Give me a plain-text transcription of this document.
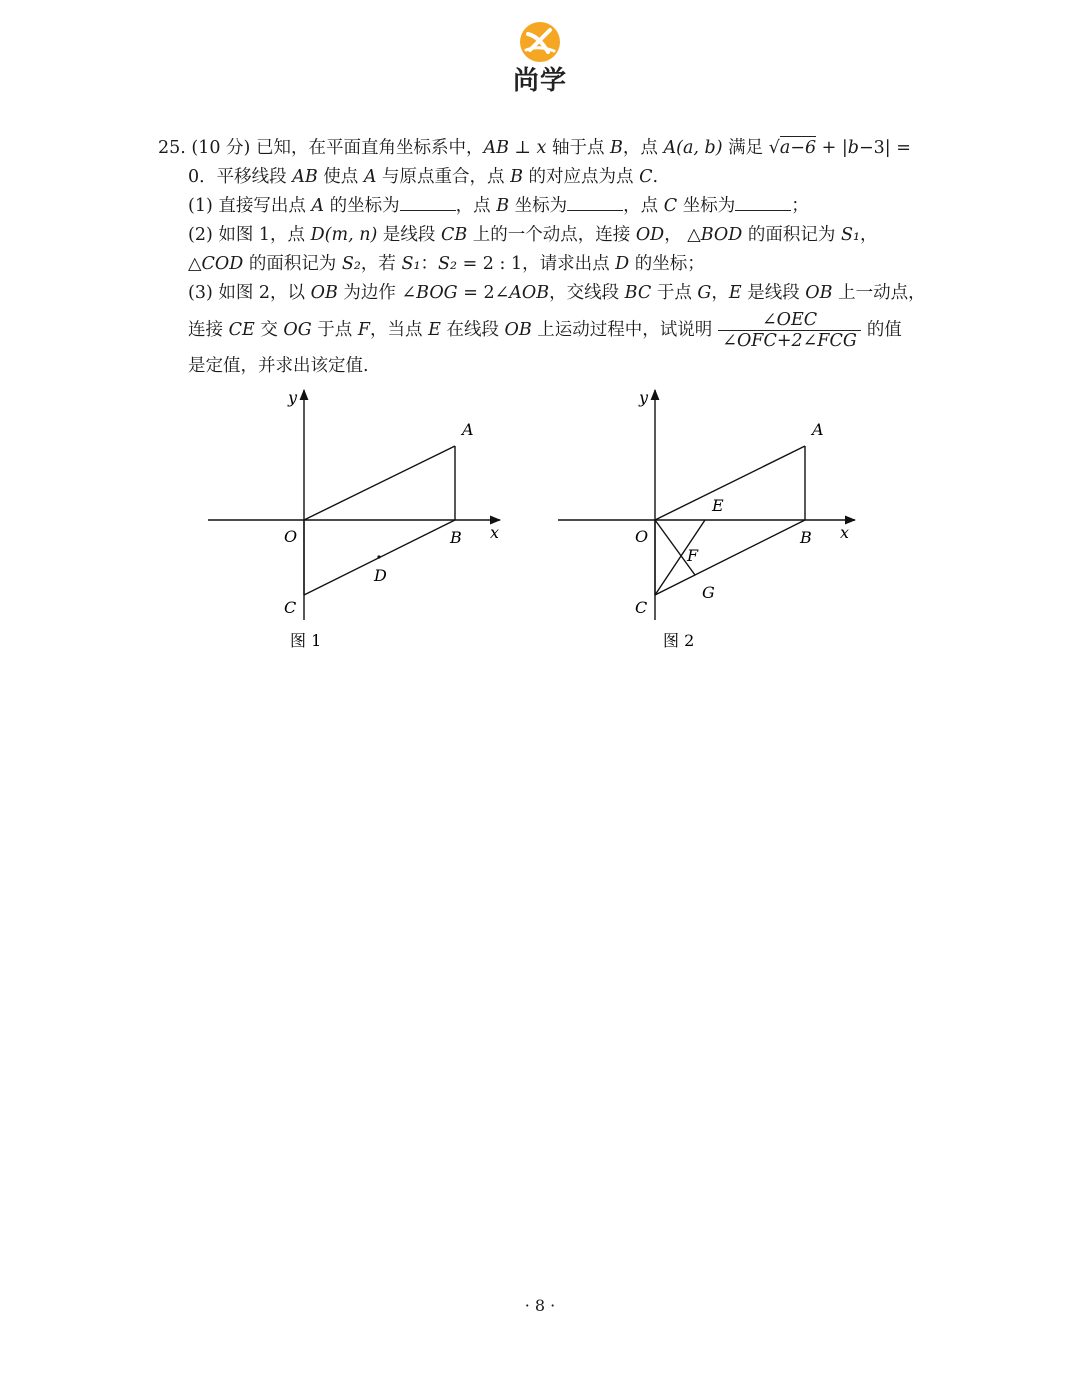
尚学
25. (10 分) 已知，在平面直角坐标系中，AB ⊥ x 轴于点 B，点 A(a, b) 满足 √a−6 + |b−3| =
0．平移线段 AB 使点 A 与原点重合，点 B 的对应点为点 C.
(1) 直接写出点 A 的坐标为	，点 B 坐标为	，点 C 坐标为	；
(2) 如图 1，点 D(m, n) 是线段 CB 上的一个动点，连接 OD， △BOD 的面积记为 S₁，
△COD 的面积记为 S₂，若 S₁：S₂ = 2 : 1，请求出点 D 的坐标；
(3) 如图 2，以 OB 为边作 ∠BOG = 2∠AOB，交线段 BC 于点 G，E 是线段 OB 上一动点，
连接 CE 交 OG 于点 F，当点 E 在线段 OB 上运动过程中，试说明 $\frac{\text{∠OEC}}{\text{∠OFC+2∠FCG}}$ 的值
是定值，并求出该定值.
y
x
O
A
B
C
D
图 1
y
x
O
A
B
C
E
F
G
图 2
· 8 ·
